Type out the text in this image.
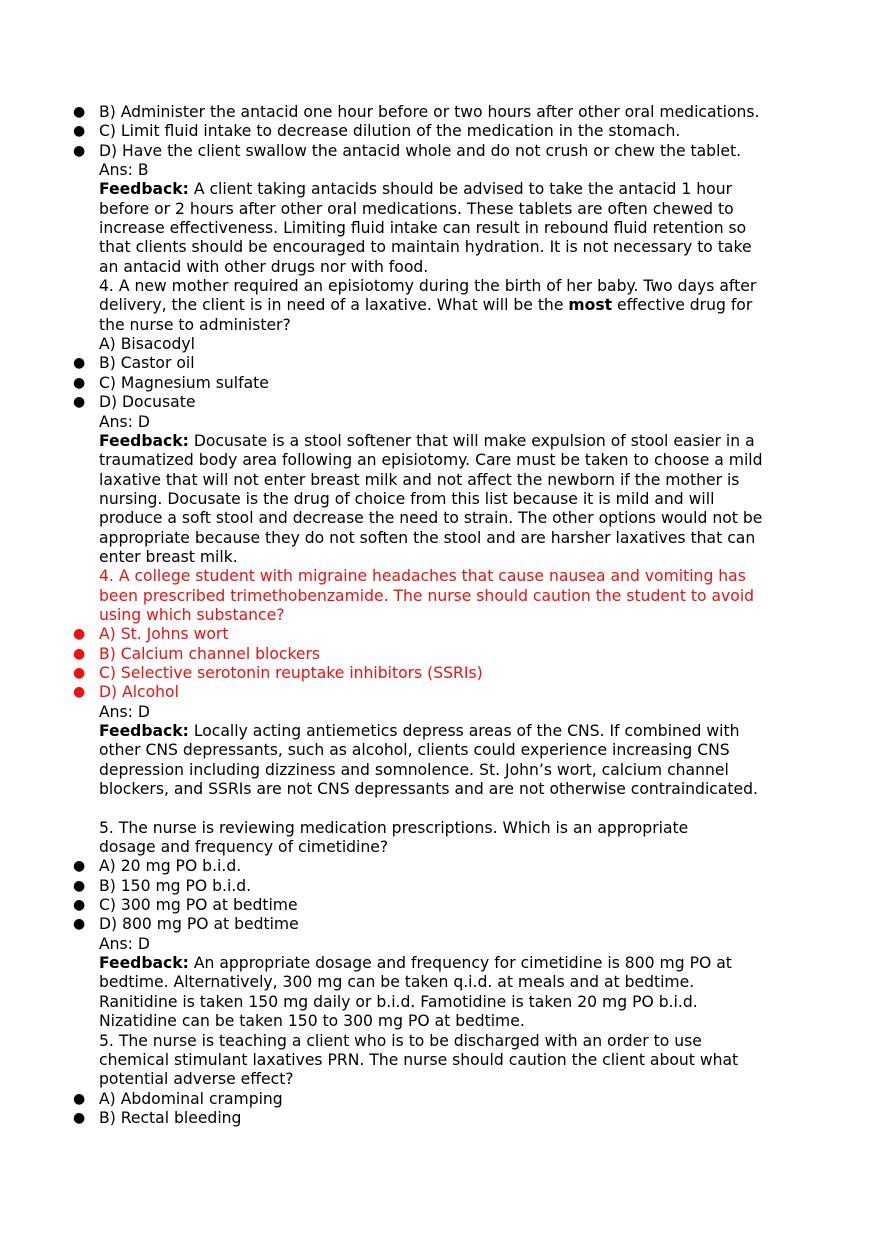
● B) Administer the antacid one hour before or two hours after other oral medications.
● C) Limit fluid intake to decrease dilution of the medication in the stomach.
● D) Have the client swallow the antacid whole and do not crush or chew the tablet.
Ans: B
Feedback: A client taking antacids should be advised to take the antacid 1 hour
before or 2 hours after other oral medications. These tablets are often chewed to
increase effectiveness. Limiting fluid intake can result in rebound fluid retention so
that clients should be encouraged to maintain hydration. It is not necessary to take
an antacid with other drugs nor with food.
4. A new mother required an episiotomy during the birth of her baby. Two days after
delivery, the client is in need of a laxative. What will be the most effective drug for
the nurse to administer?
A) Bisacodyl
● B) Castor oil
● C) Magnesium sulfate
● D) Docusate
Ans: D
Feedback: Docusate is a stool softener that will make expulsion of stool easier in a
traumatized body area following an episiotomy. Care must be taken to choose a mild
laxative that will not enter breast milk and not affect the newborn if the mother is
nursing. Docusate is the drug of choice from this list because it is mild and will
produce a soft stool and decrease the need to strain. The other options would not be
appropriate because they do not soften the stool and are harsher laxatives that can
enter breast milk.
4. A college student with migraine headaches that cause nausea and vomiting has
been prescribed trimethobenzamide. The nurse should caution the student to avoid
using which substance?
● A) St. Johns wort
● B) Calcium channel blockers
● C) Selective serotonin reuptake inhibitors (SSRIs)
● D) Alcohol
Ans: D
Feedback: Locally acting antiemetics depress areas of the CNS. If combined with
other CNS depressants, such as alcohol, clients could experience increasing CNS
depression including dizziness and somnolence. St. John’s wort, calcium channel
blockers, and SSRIs are not CNS depressants and are not otherwise contraindicated.
5. The nurse is reviewing medication prescriptions. Which is an appropriate
dosage and frequency of cimetidine?
● A) 20 mg PO b.i.d.
● B) 150 mg PO b.i.d.
● C) 300 mg PO at bedtime
● D) 800 mg PO at bedtime
Ans: D
Feedback: An appropriate dosage and frequency for cimetidine is 800 mg PO at
bedtime. Alternatively, 300 mg can be taken q.i.d. at meals and at bedtime.
Ranitidine is taken 150 mg daily or b.i.d. Famotidine is taken 20 mg PO b.i.d.
Nizatidine can be taken 150 to 300 mg PO at bedtime.
5. The nurse is teaching a client who is to be discharged with an order to use
chemical stimulant laxatives PRN. The nurse should caution the client about what
potential adverse effect?
● A) Abdominal cramping
● B) Rectal bleeding
